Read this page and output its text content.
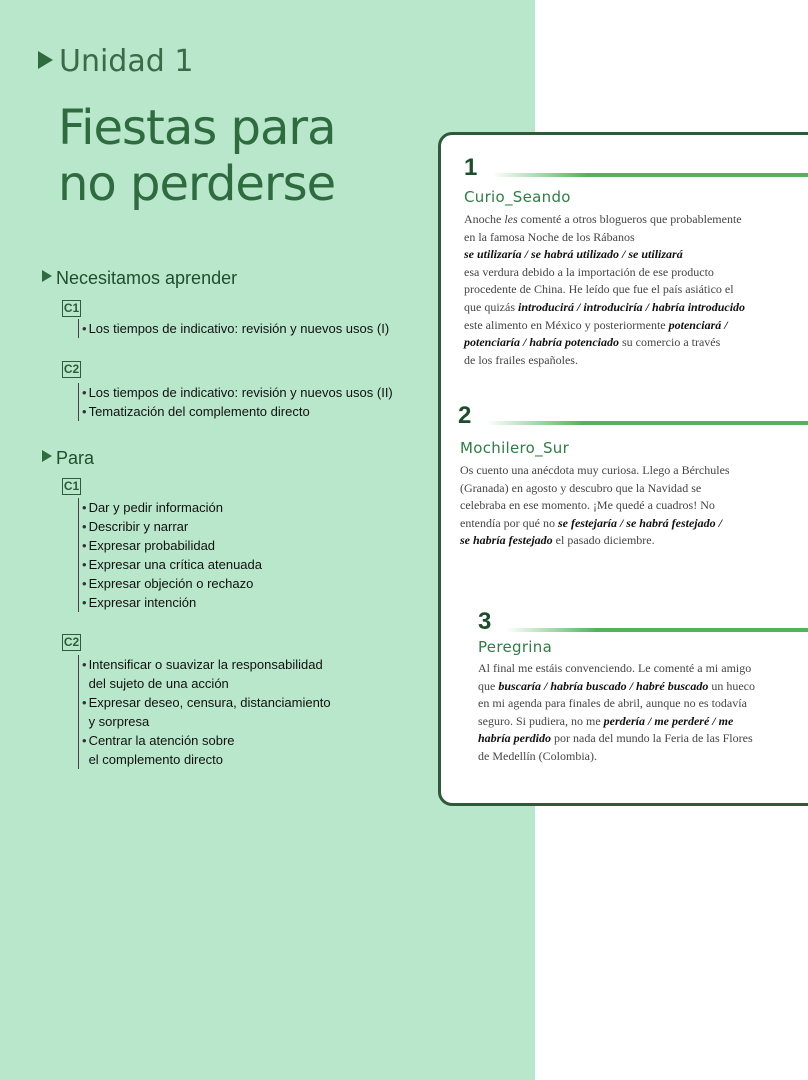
Unidad 1
Fiestas para
no perderse
Necesitamos aprender
C1
• Los tiempos de indicativo: revisión y nuevos usos (I)
C2
• Los tiempos de indicativo: revisión y nuevos usos (II)
• Tematización del complemento directo
Para
C1
• Dar y pedir información
• Describir y narrar
• Expresar probabilidad
• Expresar una crítica atenuada
• Expresar objeción o rechazo
• Expresar intención
C2
• Intensificar o suavizar la responsabilidad
del sujeto de una acción
• Expresar deseo, censura, distanciamiento
y sorpresa
• Centrar la atención sobre
el complemento directo
1
Curio_Seando
Anoche les comenté a otros blogueros que probablemente
en la famosa Noche de los Rábanos
se utilizaría / se habrá utilizado / se utilizará
esa verdura debido a la importación de ese producto
procedente de China. He leído que fue el país asiático el
que quizás introducirá / introduciría / habría introducido
este alimento en México y posteriormente potenciará /
potenciaría / habría potenciado su comercio a través
de los frailes españoles.
2
Mochilero_Sur
Os cuento una anécdota muy curiosa. Llego a Bérchules
(Granada) en agosto y descubro que la Navidad se
celebraba en ese momento. ¡Me quedé a cuadros! No
entendía por qué no se festejaría / se habrá festejado /
se habría festejado el pasado diciembre.
3
Peregrina
Al final me estáis convenciendo. Le comenté a mi amigo
que buscaría / habría buscado / habré buscado un hueco
en mi agenda para finales de abril, aunque no es todavía
seguro. Si pudiera, no me perdería / me perderé / me
habría perdido por nada del mundo la Feria de las Flores
de Medellín (Colombia).
